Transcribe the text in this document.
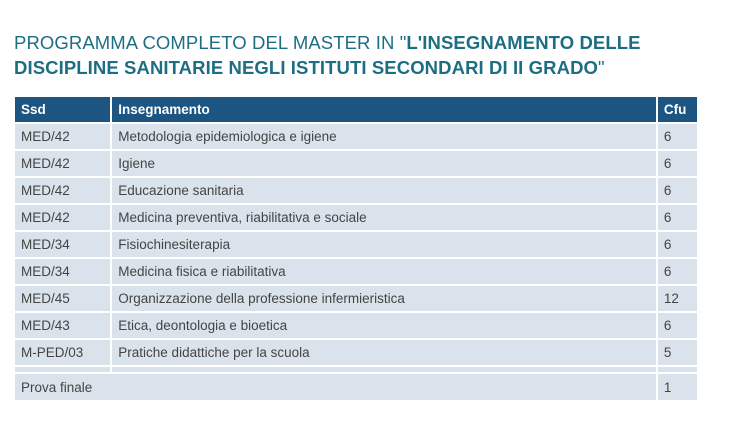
PROGRAMMA COMPLETO DEL MASTER IN "L'INSEGNAMENTO DELLE DISCIPLINE SANITARIE NEGLI ISTITUTI SECONDARI DI II GRADO"
Ssd	Insegnamento	Cfu
MED/42	Metodologia epidemiologica e igiene	6
MED/42	Igiene	6
MED/42	Educazione sanitaria	6
MED/42	Medicina preventiva, riabilitativa e sociale	6
MED/34	Fisiochinesiterapia	6
MED/34	Medicina fisica e riabilitativa	6
MED/45	Organizzazione della professione infermieristica	12
MED/43	Etica, deontologia e bioetica	6
M-PED/03	Pratiche didattiche per la scuola	5

Prova finale		1
